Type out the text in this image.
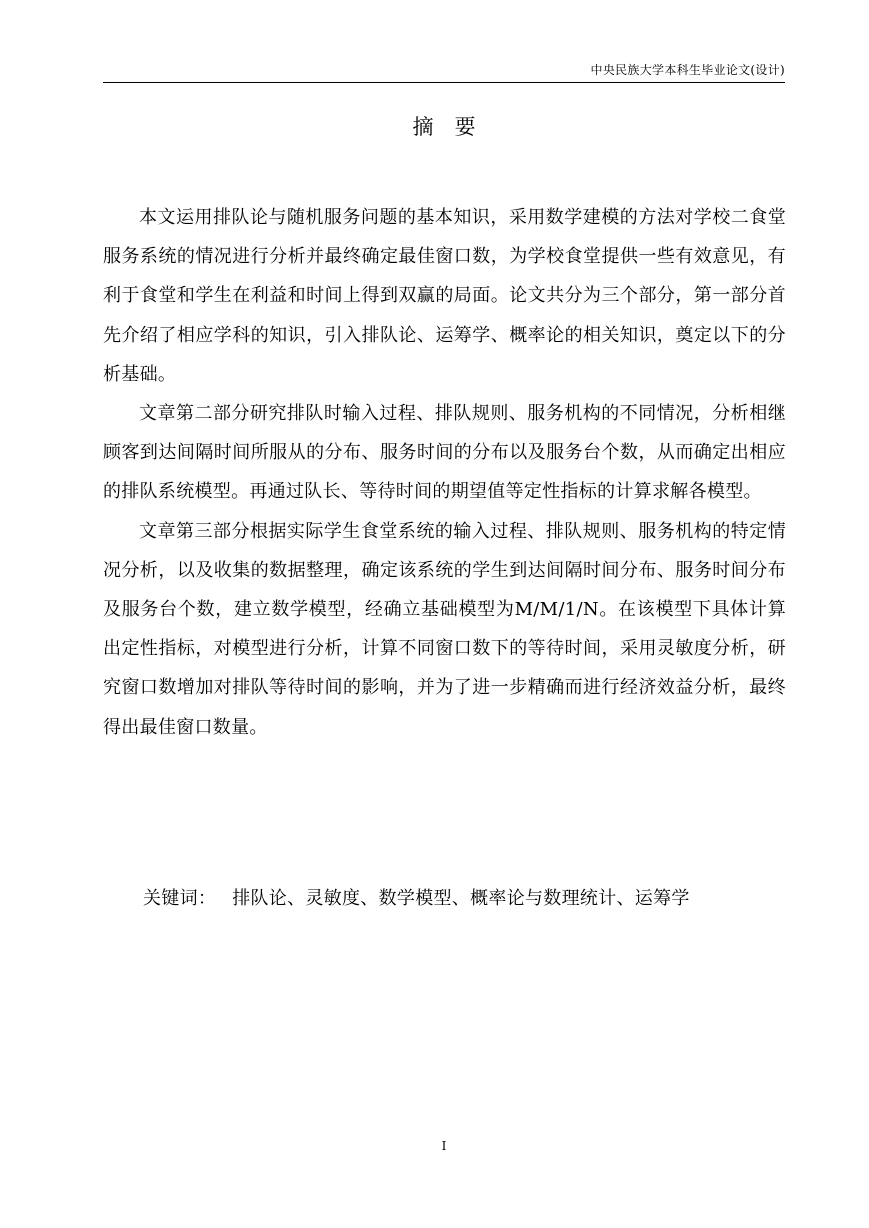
中央民族大学本科生毕业论文(设计)
摘　要

本文运用排队论与随机服务问题的基本知识，采用数学建模的方法对学校二食堂服务系统的情况进行分析并最终确定最佳窗口数，为学校食堂提供一些有效意见，有利于食堂和学生在利益和时间上得到双赢的局面。论文共分为三个部分，第一部分首先介绍了相应学科的知识，引入排队论、运筹学、概率论的相关知识，奠定以下的分析基础。

文章第二部分研究排队时输入过程、排队规则、服务机构的不同情况，分析相继顾客到达间隔时间所服从的分布、服务时间的分布以及服务台个数，从而确定出相应的排队系统模型。再通过队长、等待时间的期望值等定性指标的计算求解各模型。

文章第三部分根据实际学生食堂系统的输入过程、排队规则、服务机构的特定情况分析，以及收集的数据整理，确定该系统的学生到达间隔时间分布、服务时间分布及服务台个数，建立数学模型，经确立基础模型为M/M/1/N。在该模型下具体计算出定性指标，对模型进行分析，计算不同窗口数下的等待时间，采用灵敏度分析，研究窗口数增加对排队等待时间的影响，并为了进一步精确而进行经济效益分析，最终得出最佳窗口数量。

关键词： 排队论、灵敏度、数学模型、概率论与数理统计、运筹学
I
